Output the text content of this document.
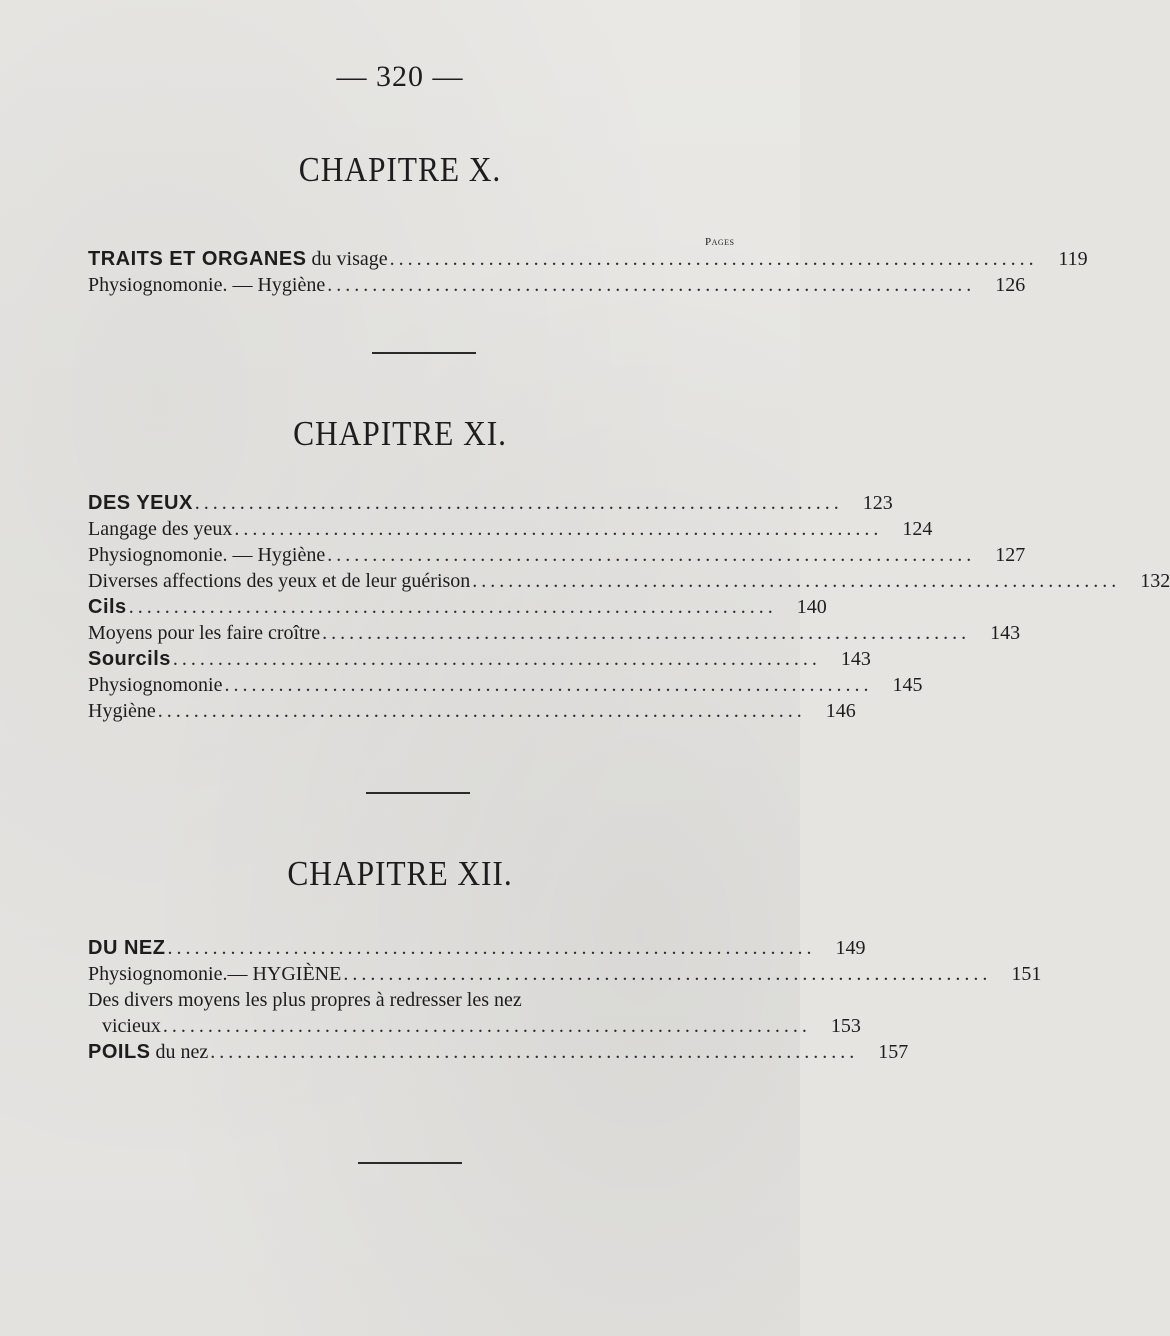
— 320 —
CHAPITRE X.
Pages
TRAITS ET ORGANES du visage ........................................................................	119
Physiognomonie. — Hygiène ........................................................................	126
CHAPITRE XI.
DES YEUX ........................................................................	123
Langage des yeux ........................................................................	124
Physiognomonie. — Hygiène ........................................................................	127
Diverses affections des yeux et de leur guérison ........................................................................	132
Cils ........................................................................	140
Moyens pour les faire croître ........................................................................	143
Sourcils ........................................................................	143
Physiognomonie ........................................................................	145
Hygiène ........................................................................	146
CHAPITRE XII.
DU NEZ ........................................................................	149
Physiognomonie.— HYGIÈNE ........................................................................	151
Des divers moyens les plus propres à redresser les nez
vicieux ........................................................................	153
POILS du nez ........................................................................	157
